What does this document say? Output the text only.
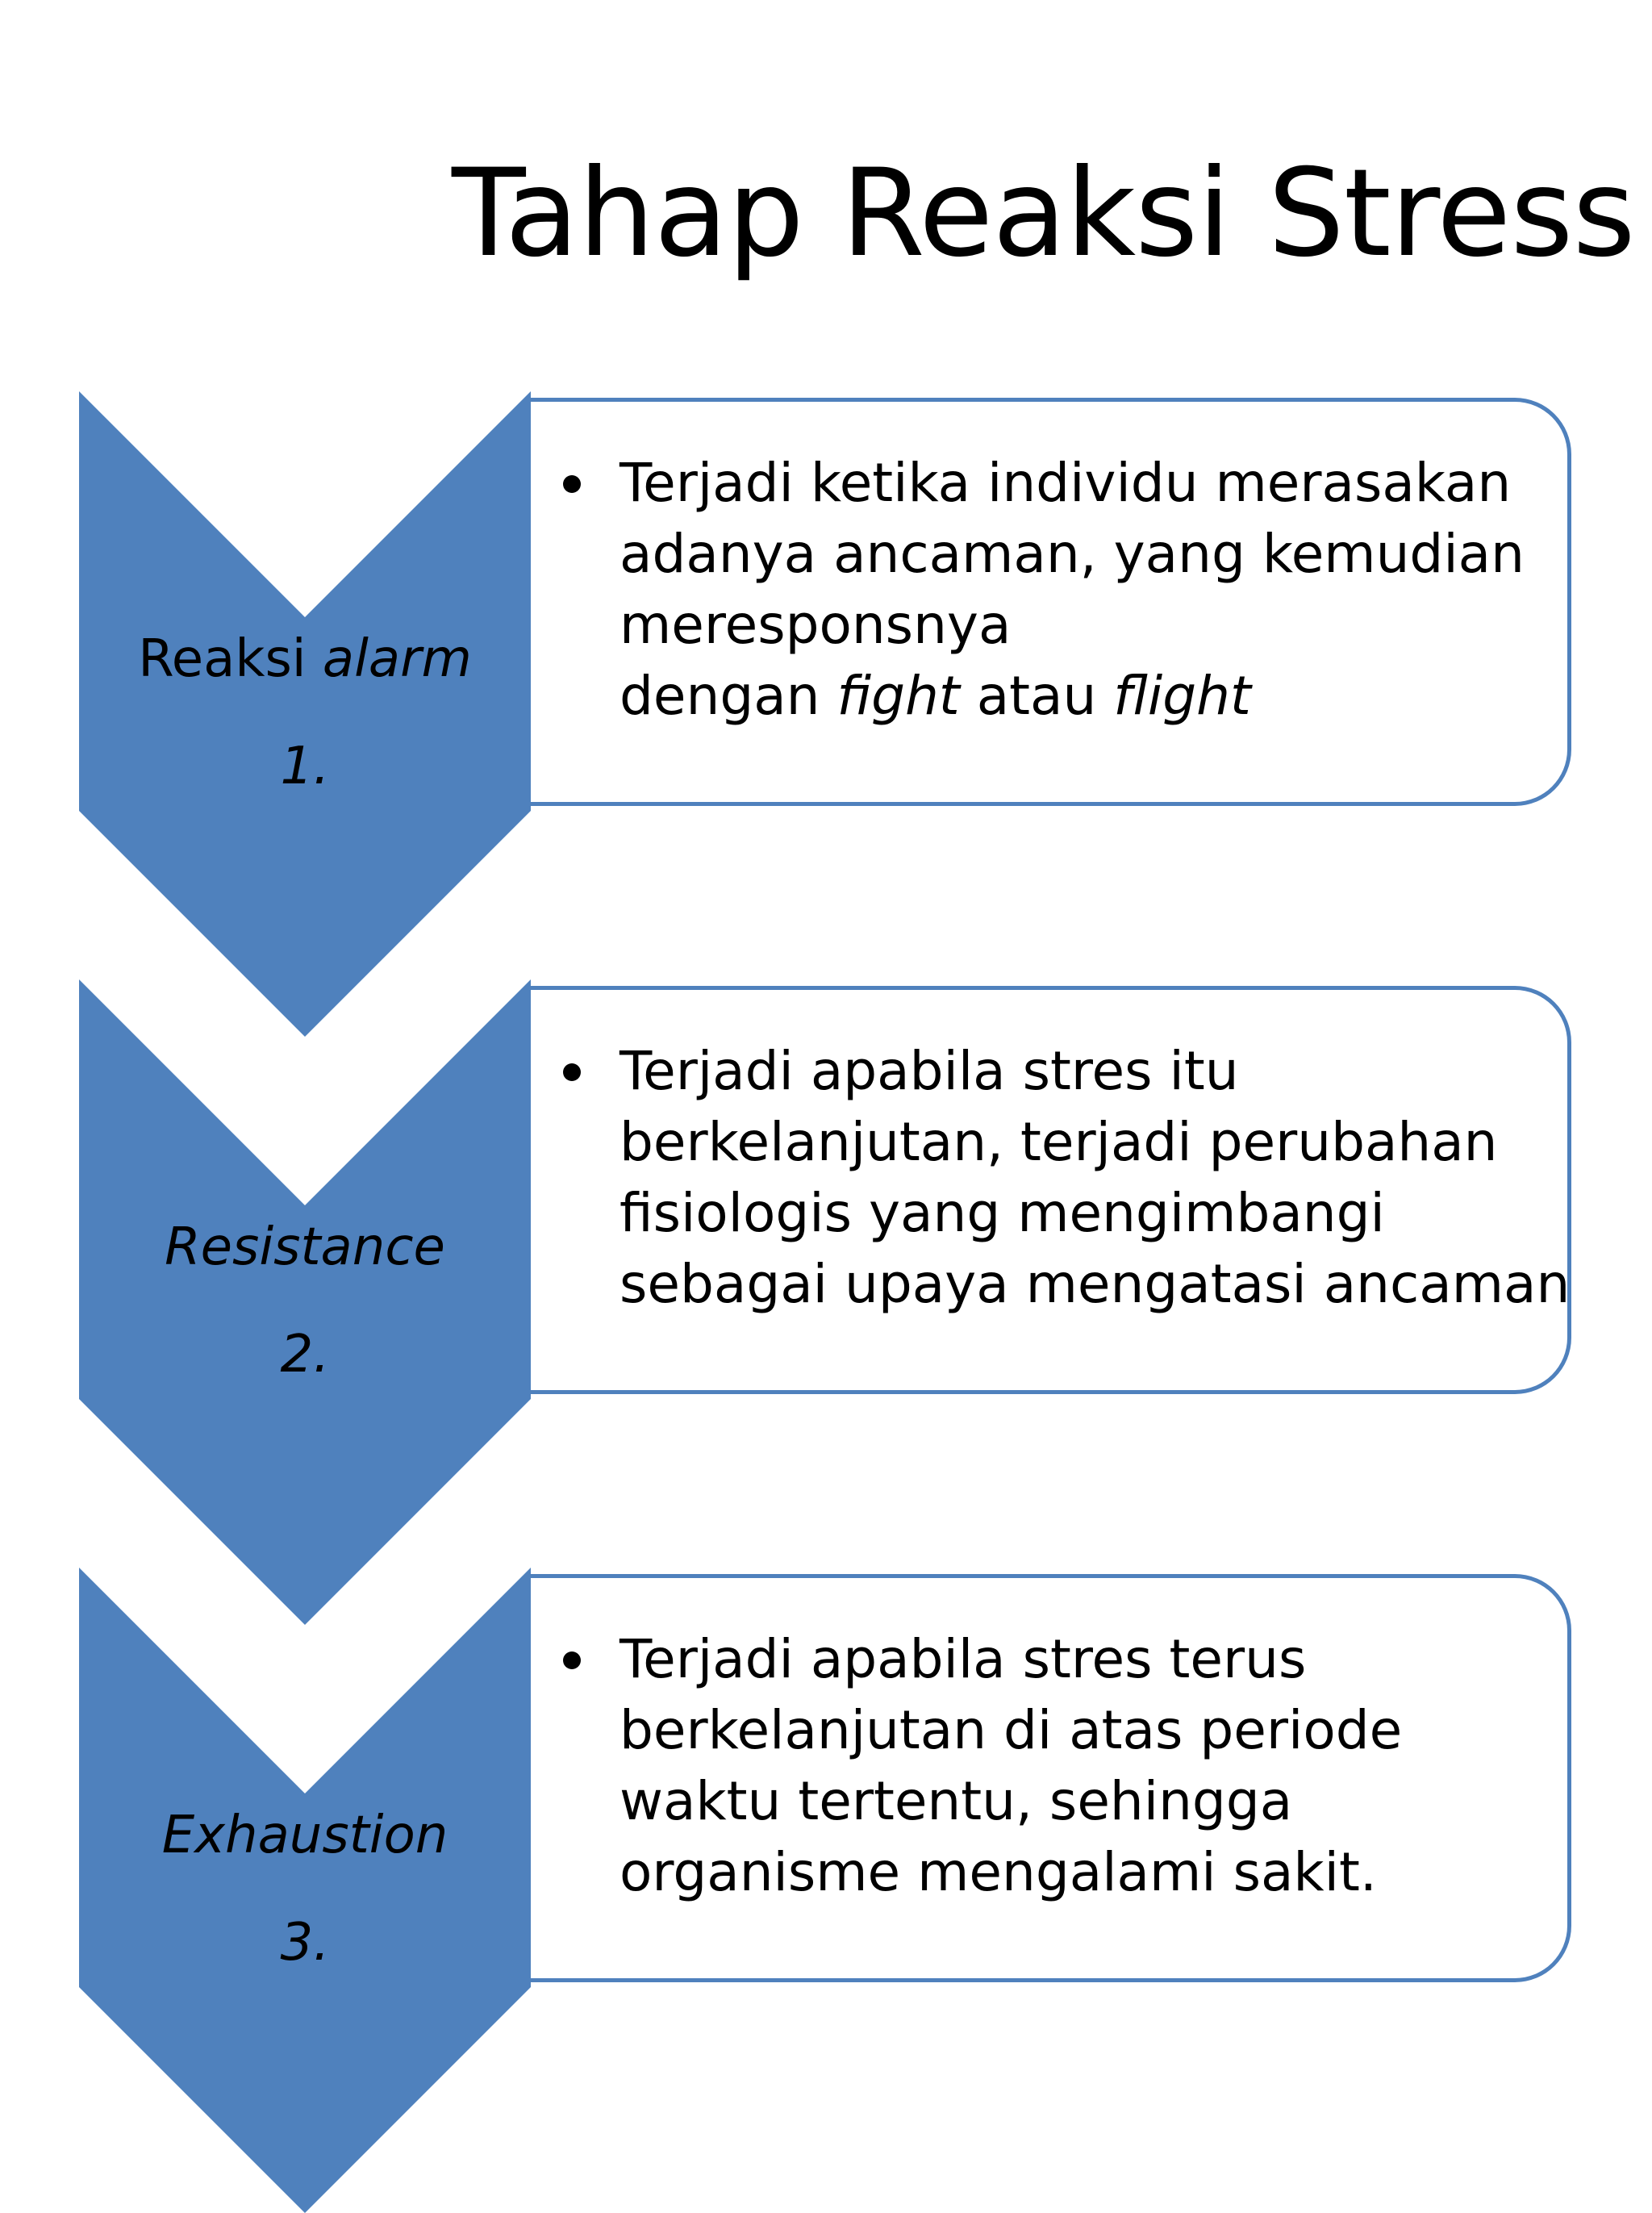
Tahap Reaksi Stress
Reaksi alarm
1.
Terjadi ketika individu merasakan
adanya ancaman, yang kemudian
meresponsnya
dengan fight atau flight
Resistance
2.
Terjadi apabila stres itu
berkelanjutan, terjadi perubahan
fisiologis yang mengimbangi
sebagai upaya mengatasi ancaman
Exhaustion
3.
Terjadi apabila stres terus
berkelanjutan di atas periode
waktu tertentu, sehingga
organisme mengalami sakit.
